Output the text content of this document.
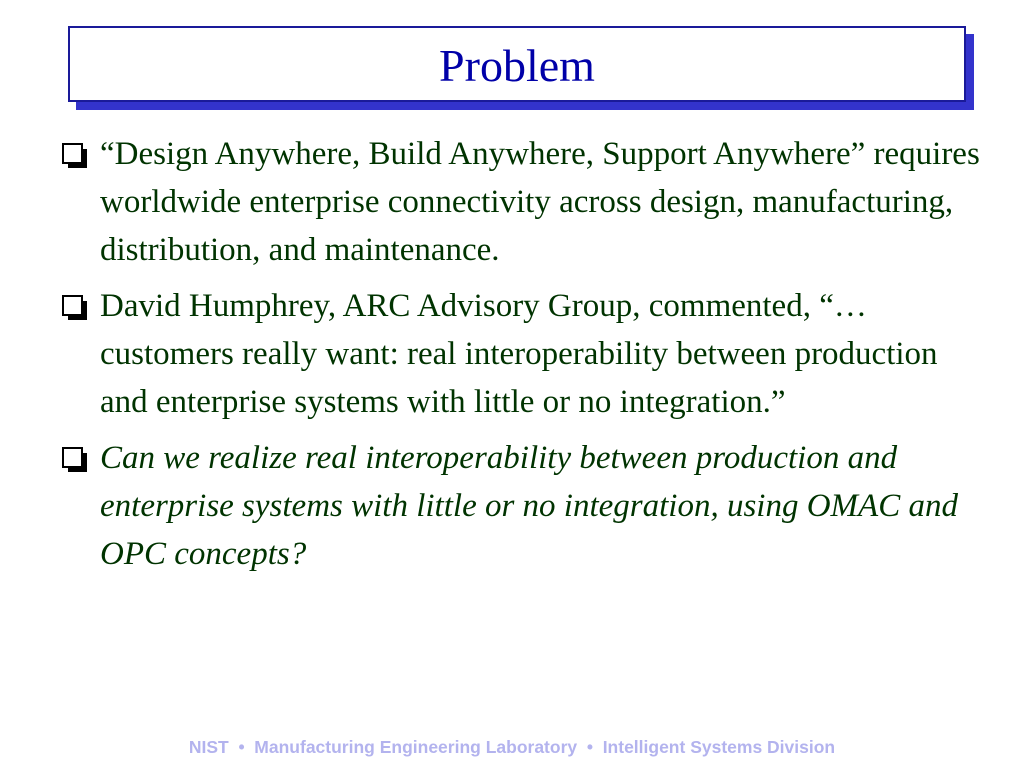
Problem
“Design Anywhere, Build Anywhere, Support Anywhere” requires worldwide enterprise connectivity across design, manufacturing, distribution, and maintenance.
David Humphrey, ARC Advisory Group, commented, “… customers really want: real interoperability between production and enterprise systems with little or no integration.”
Can we realize real interoperability between production and enterprise systems with little or no integration, using OMAC and OPC concepts?
NIST  •  Manufacturing Engineering Laboratory  •  Intelligent Systems Division
